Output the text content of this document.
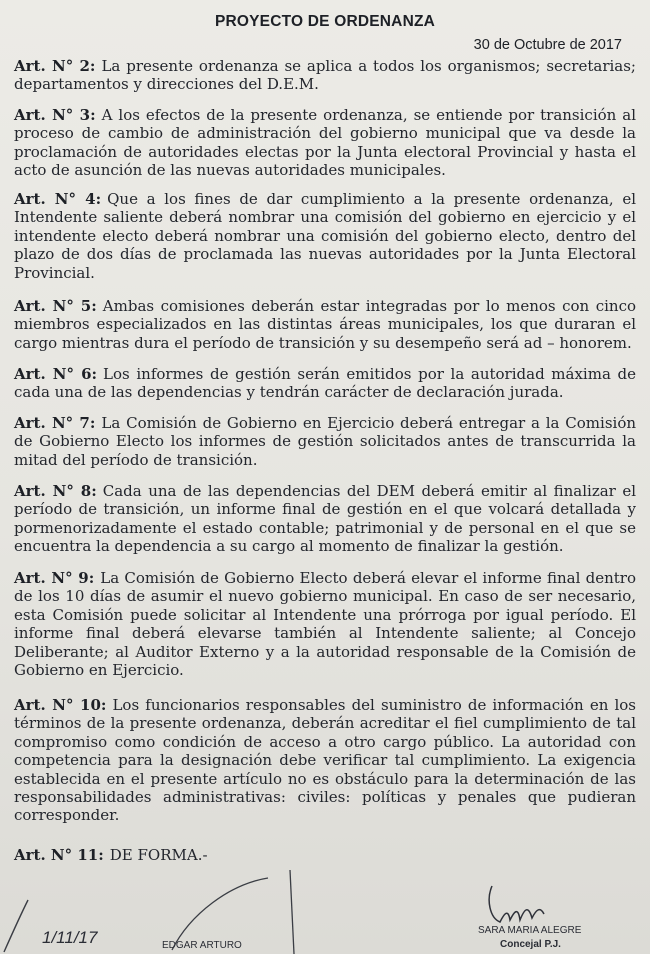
PROYECTO DE ORDENANZA
30 de Octubre de 2017

Art. N° 2: La presente ordenanza se aplica a todos los organismos; secretarias; departamentos y direcciones del D.E.M.

Art. N° 3: A los efectos de la presente ordenanza, se entiende por transición al proceso de cambio de administración del gobierno municipal que va desde la proclamación de autoridades electas por la Junta electoral Provincial y hasta el acto de asunción de las nuevas autoridades municipales.

Art. N° 4: Que a los fines de dar cumplimiento a la presente ordenanza, el Intendente saliente deberá nombrar una comisión del gobierno en ejercicio y el intendente electo deberá nombrar una comisión del gobierno electo, dentro del plazo de dos días de proclamada las nuevas autoridades por la Junta Electoral Provincial.

Art. N° 5: Ambas comisiones deberán estar integradas por lo menos con cinco miembros especializados en las distintas áreas municipales, los que duraran el cargo mientras dura el período de transición y su desempeño será ad – honorem.

Art. N° 6: Los informes de gestión serán emitidos por la autoridad máxima de cada una de las dependencias y tendrán carácter de declaración jurada.

Art. N° 7: La Comisión de Gobierno en Ejercicio deberá entregar a la Comisión de Gobierno Electo los informes de gestión solicitados antes de transcurrida la mitad del período de transición.

Art. N° 8: Cada una de las dependencias del DEM deberá emitir al finalizar el período de transición, un informe final de gestión en el que volcará detallada y pormenorizadamente el estado contable; patrimonial y de personal en el que se encuentra la dependencia a su cargo al momento de finalizar la gestión.

Art. N° 9: La Comisión de Gobierno Electo deberá elevar el informe final dentro de los 10 días de asumir el nuevo gobierno municipal. En caso de ser necesario, esta Comisión puede solicitar al Intendente una prórroga por igual período. El informe final deberá elevarse también al Intendente saliente; al Concejo Deliberante; al Auditor Externo y a la autoridad responsable de la Comisión de Gobierno en Ejercicio.

Art. N° 10: Los funcionarios responsables del suministro de información en los términos de la presente ordenanza, deberán acreditar el fiel cumplimiento de tal compromiso como condición de acceso a otro cargo público. La autoridad con competencia para la designación debe verificar tal cumplimiento. La exigencia establecida en el presente artículo no es obstáculo para la determinación de las responsabilidades administrativas: civiles: políticas y penales que pudieran corresponder.

Art. N° 11: DE FORMA.-

1/11/17	EDGAR ARTURO
SARA MARIA ALEGRE
Concejal P.J.
